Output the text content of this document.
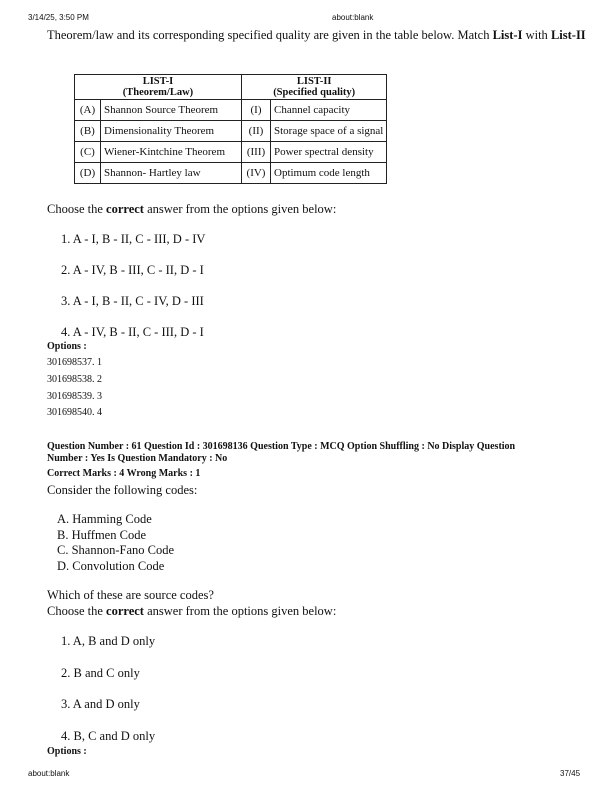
3/14/25, 3:50 PM	about:blank
Theorem/law and its corresponding specified quality are given in the table below. Match List-I with List-II
LIST-I
(Theorem/Law)		LIST-II
(Specified quality)	
(A)	Shannon Source Theorem	(I)	Channel capacity
(B)	Dimensionality Theorem	(II)	Storage space of a signal
(C)	Wiener-Kintchine Theorem	(III)	Power spectral density
(D)	Shannon- Hartley law	(IV)	Optimum code length
Choose the correct answer from the options given below:
1. A - I, B - II, C - III, D - IV
2. A - IV, B - III, C - II, D - I
3. A - I, B - II, C - IV, D - III
4. A - IV, B - II, C - III, D - I
Options :
301698537. 1
301698538. 2
301698539. 3
301698540. 4
Question Number : 61 Question Id : 301698136 Question Type : MCQ Option Shuffling : No Display Question
Number : Yes Is Question Mandatory : No
Correct Marks : 4 Wrong Marks : 1
Consider the following codes:
A. Hamming Code
B. Huffmen Code
C. Shannon-Fano Code
D. Convolution Code
Which of these are source codes?
Choose the correct answer from the options given below:
1. A, B and D only
2. B and C only
3. A and D only
4. B, C and D only
Options :
about:blank	37/45
